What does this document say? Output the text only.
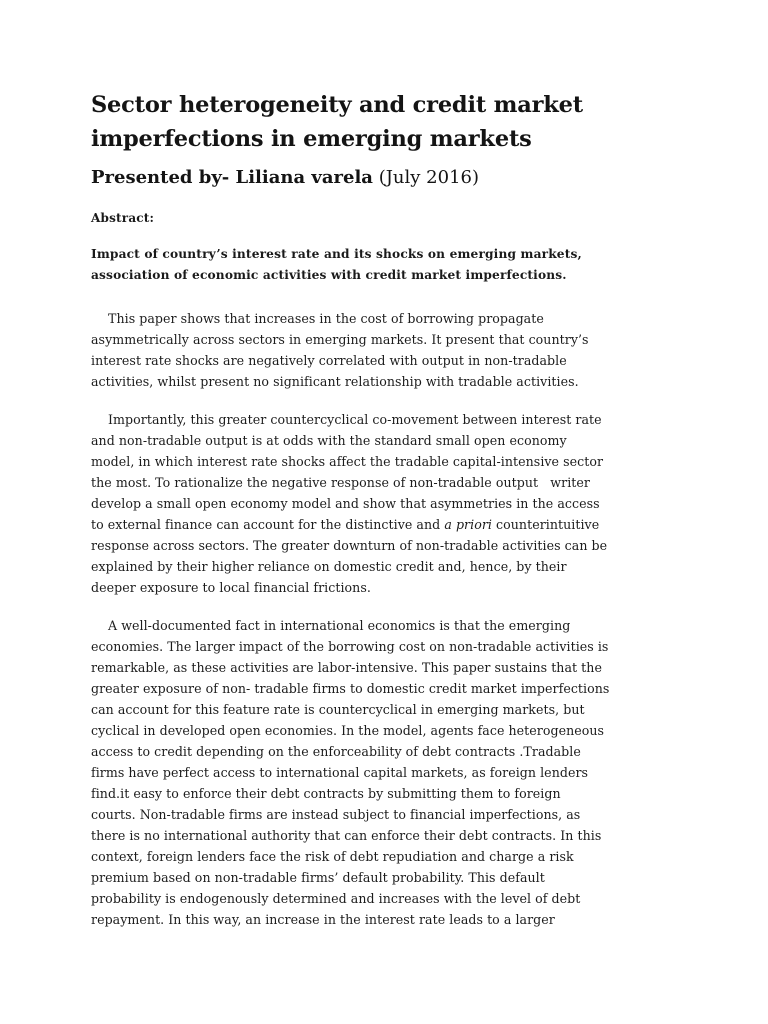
Sector heterogeneity and credit market
imperfections in emerging markets
Presented by- Liliana varela (July 2016)
Abstract:
Impact of country’s interest rate and its shocks on emerging markets,
association of economic activities with credit market imperfections.

This paper shows that increases in the cost of borrowing propagate
asymmetrically across sectors in emerging markets. It present that country’s
interest rate shocks are negatively correlated with output in non-tradable
activities, whilst present no significant relationship with tradable activities.

Importantly, this greater countercyclical co-movement between interest rate
and non-tradable output is at odds with the standard small open economy
model, in which interest rate shocks affect the tradable capital-intensive sector
the most. To rationalize the negative response of non-tradable output   writer
develop a small open economy model and show that asymmetries in the access
to external finance can account for the distinctive and a priori counterintuitive
response across sectors. The greater downturn of non-tradable activities can be
explained by their higher reliance on domestic credit and, hence, by their
deeper exposure to local financial frictions.

A well-documented fact in international economics is that the emerging
economies. The larger impact of the borrowing cost on non-tradable activities is
remarkable, as these activities are labor-intensive. This paper sustains that the
greater exposure of non- tradable firms to domestic credit market imperfections
can account for this feature rate is countercyclical in emerging markets, but
cyclical in developed open economies. In the model, agents face heterogeneous
access to credit depending on the enforceability of debt contracts .Tradable
firms have perfect access to international capital markets, as foreign lenders
find.it easy to enforce their debt contracts by submitting them to foreign
courts. Non-tradable firms are instead subject to financial imperfections, as
there is no international authority that can enforce their debt contracts. In this
context, foreign lenders face the risk of debt repudiation and charge a risk
premium based on non-tradable firms’ default probability. This default
probability is endogenously determined and increases with the level of debt
repayment. In this way, an increase in the interest rate leads to a larger
